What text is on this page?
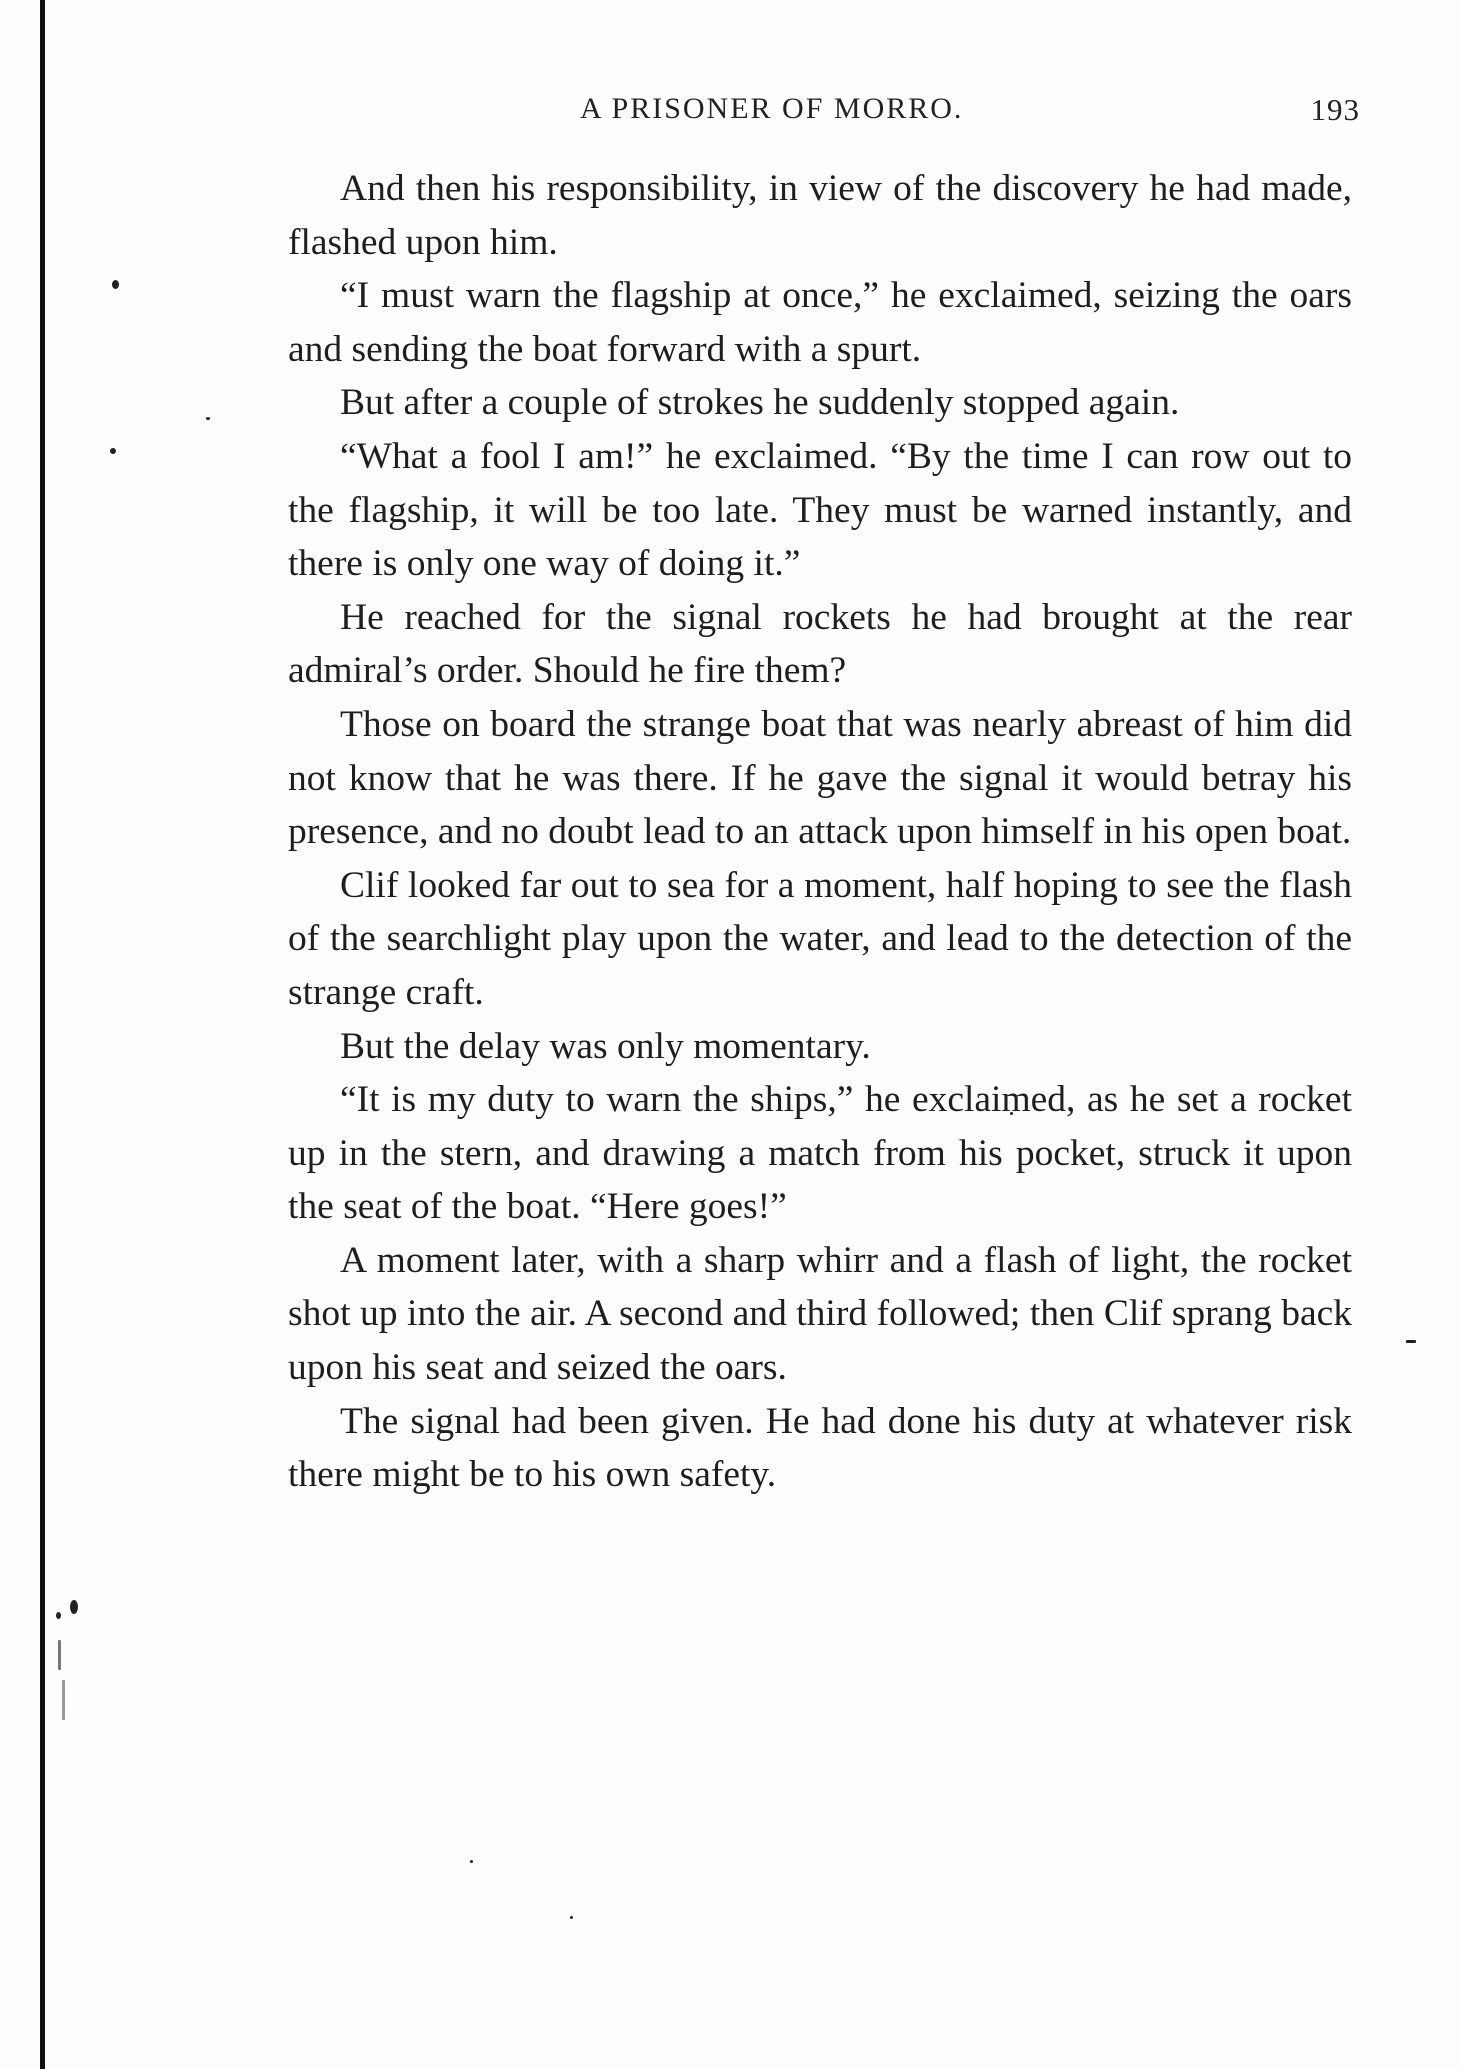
A PRISONER OF MORRO.	193

And then his responsibility, in view of the discovery he had made, flashed upon him.

“I must warn the flagship at once,” he exclaimed, seizing the oars and sending the boat forward with a spurt.

But after a couple of strokes he suddenly stopped again.

“What a fool I am!” he exclaimed. “By the time I can row out to the flagship, it will be too late. They must be warned instantly, and there is only one way of doing it.”

He reached for the signal rockets he had brought at the rear admiral’s order. Should he fire them?

Those on board the strange boat that was nearly abreast of him did not know that he was there. If he gave the signal it would betray his presence, and no doubt lead to an attack upon himself in his open boat.

Clif looked far out to sea for a moment, half hoping to see the flash of the searchlight play upon the water, and lead to the detection of the strange craft.

But the delay was only momentary.

“It is my duty to warn the ships,” he exclaimed, as he set a rocket up in the stern, and drawing a match from his pocket, struck it upon the seat of the boat. “Here goes!”

A moment later, with a sharp whirr and a flash of light, the rocket shot up into the air. A second and third followed; then Clif sprang back upon his seat and seized the oars.

The signal had been given. He had done his duty at whatever risk there might be to his own safety.
